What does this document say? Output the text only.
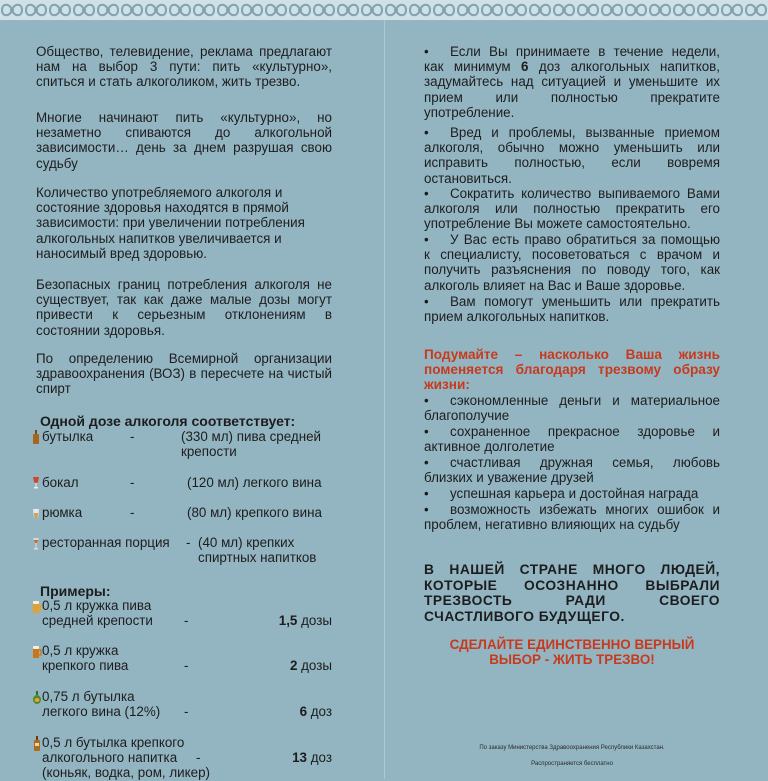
Общество, телевидение, реклама предлагают нам на выбор 3 пути: пить «культурно», спиться и стать алкоголиком, жить трезво.

Многие начинают пить «культурно», но незаметно спиваются до алкогольной зависимости… день за днем разрушая свою судьбу

Количество употребляемого алкоголя и состояние здоровья находятся в прямой зависимости: при увеличении потребления алкогольных напитков увеличивается и наносимый вред здоровью.

Безопасных границ потребления алкоголя не существует, так как даже малые дозы могут привести к серьезным отклонениям в состоянии здоровья.

По определению Всемирной организации здравоохранения (ВОЗ) в пересчете на чистый спирт

Одной дозе алкоголя соответствует:
бутылка	-	(330 мл) пива средней крепости
бокал	-	(120 мл) легкого вина
рюмка	-	(80 мл) крепкого вина
ресторанная порция - (40 мл) крепких спиртных напитков
Примеры:
0,5 л кружка пива средней крепости	-	1,5 дозы
0,5 л кружка крепкого пива	-	2 дозы
0,75 л бутылка легкого вина (12%)	-	6 доз
0,5 л бутылка крепкого алкогольного напитка (коньяк, водка, ром, ликер)
-	13 доз

• Если Вы принимаете в течение недели, как минимум 6 доз алкогольных напитков, задумайтесь над ситуацией и уменьшите их прием или полностью прекратите употребление.

• Вред и проблемы, вызванные приемом алкоголя, обычно можно уменьшить или исправить полностью, если вовремя остановиться.

• Сократить количество выпиваемого Вами алкоголя или полностью прекратить его употребление Вы можете самостоятельно.

• У Вас есть право обратиться за помощью к специалисту, посоветоваться с врачом и получить разъяснения по поводу того, как алкоголь влияет на Вас и Ваше здоровье.

• Вам помогут уменьшить или прекратить прием алкогольных напитков.

Подумайте – насколько Ваша жизнь поменяется благодаря трезвому образу жизни:

• сэкономленные деньги и материальное благополучие

• сохраненное прекрасное здоровье и активное долголетие

• счастливая дружная семья, любовь близких и уважение друзей

• успешная карьера и достойная награда

• возможность избежать многих ошибок и проблем, негативно влияющих на судьбу

В НАШЕЙ СТРАНЕ МНОГО ЛЮДЕЙ, КОТОРЫЕ ОСОЗНАННО ВЫБРАЛИ ТРЕЗВОСТЬ РАДИ СВОЕГО СЧАСТЛИВОГО БУДУЩЕГО.

СДЕЛАЙТЕ ЕДИНСТВЕННО ВЕРНЫЙ ВЫБОР - ЖИТЬ ТРЕЗВО!

По заказу Министерства Здравоохранения Республики Казахстан.
Распространяется бесплатно
